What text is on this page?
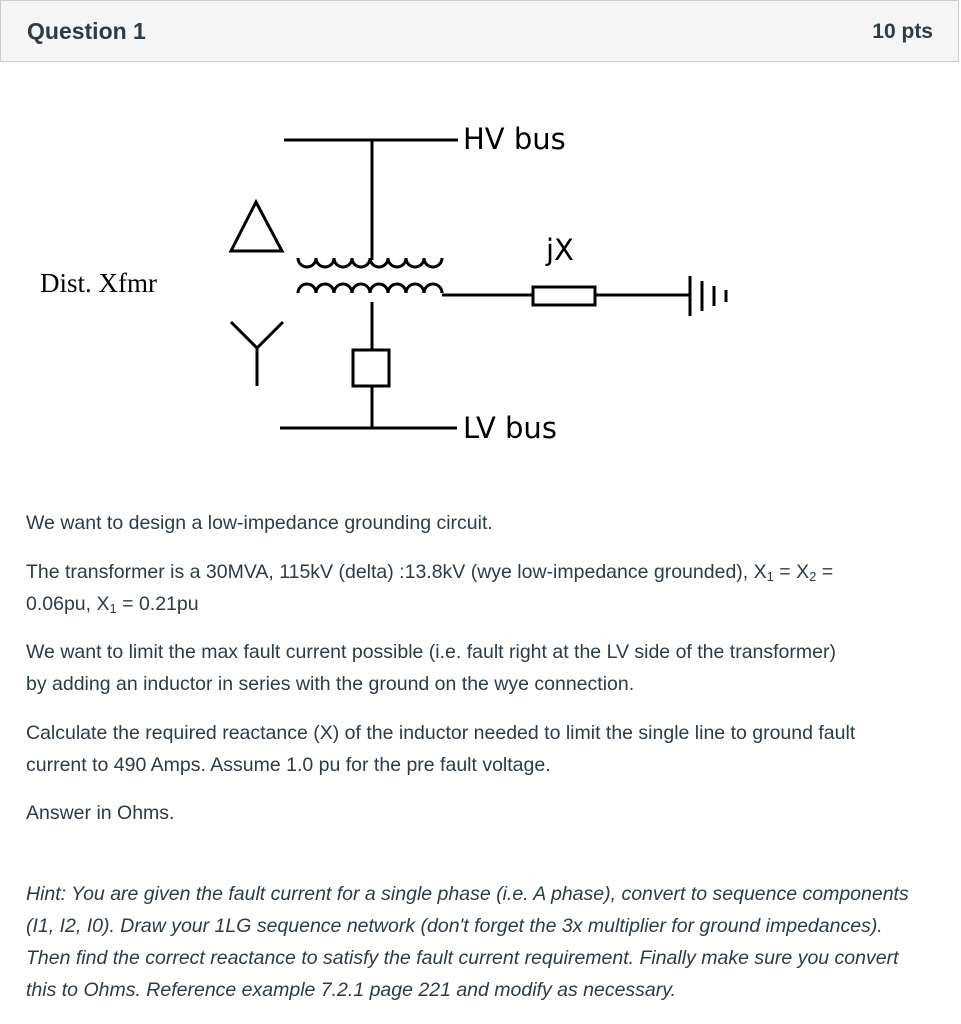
Question 1	10 pts
Dist. Xfmr
HV bus
jX
LV bus

We want to design a low-impedance grounding circuit.

The transformer is a 30MVA, 115kV (delta) :13.8kV (wye low-impedance grounded), $X_1 = X_2$ =

0.06pu, $X_1 = 0.21pu$

We want to limit the max fault current possible (i.e. fault right at the LV side of the transformer)

by adding an inductor in series with the ground on the wye connection.

Calculate the required reactance (X) of the inductor needed to limit the single line to ground fault

current to 490 Amps. Assume 1.0 pu for the pre fault voltage.

Answer in Ohms.

Hint: You are given the fault current for a single phase (i.e. A phase), convert to sequence components

(I1, I2, I0). Draw your 1LG sequence network (don't forget the 3x multiplier for ground impedances).

Then find the correct reactance to satisfy the fault current requirement. Finally make sure you convert

this to Ohms. Reference example 7.2.1 page 221 and modify as necessary.
